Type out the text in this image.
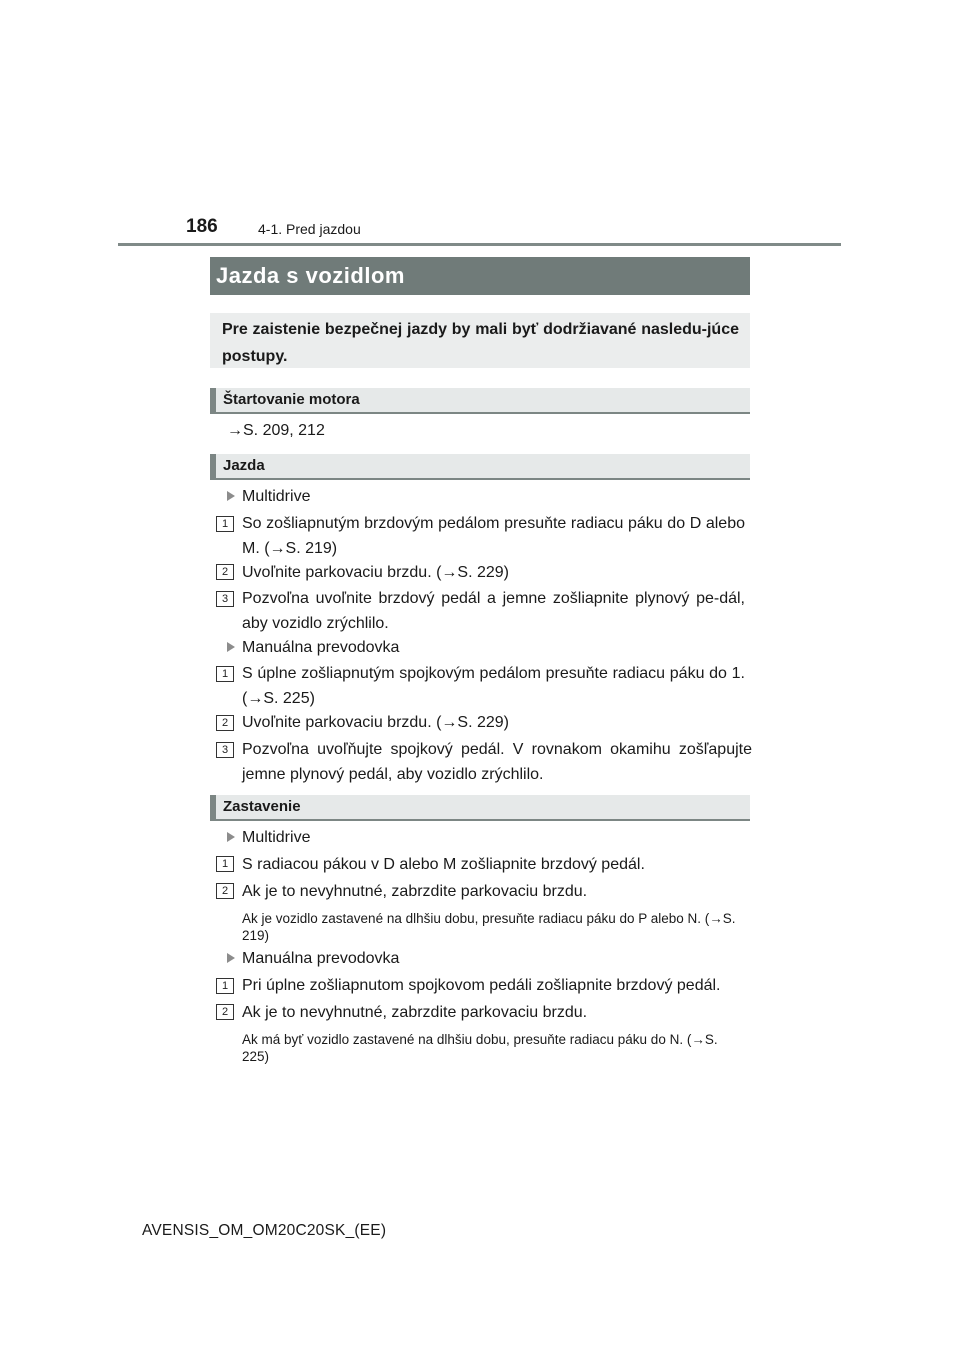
186	4-1. Pred jazdou
Jazda s vozidlom
Pre zaistenie bezpečnej jazdy by mali byť dodržiavané nasledu-júce postupy.
Štartovanie motora
→S. 209, 212
Jazda
Multidrive
1 So zošliapnutým brzdovým pedálom presuňte radiacu páku do D alebo M. (→S. 219)
2 Uvoľnite parkovaciu brzdu. (→S. 229)
3 Pozvoľna uvoľnite brzdový pedál a jemne zošliapnite plynový pe-dál, aby vozidlo zrýchlilo.
Manuálna prevodovka
1 S úplne zošliapnutým spojkovým pedálom presuňte radiacu páku do 1. (→S. 225)
2 Uvoľnite parkovaciu brzdu. (→S. 229)
3 Pozvoľna uvoľňujte spojkový pedál. V rovnakom okamihu zošľapujte jemne plynový pedál, aby vozidlo zrýchlilo.
Zastavenie
Multidrive
1 S radiacou pákou v D alebo M zošliapnite brzdový pedál.
2 Ak je to nevyhnutné, zabrzdite parkovaciu brzdu.
Ak je vozidlo zastavené na dlhšiu dobu, presuňte radiacu páku do P alebo N. (→S. 219)
Manuálna prevodovka
1 Pri úplne zošliapnutom spojkovom pedáli zošliapnite brzdový pedál.
2 Ak je to nevyhnutné, zabrzdite parkovaciu brzdu.
Ak má byť vozidlo zastavené na dlhšiu dobu, presuňte radiacu páku do N. (→S. 225)
AVENSIS_OM_OM20C20SK_(EE)
